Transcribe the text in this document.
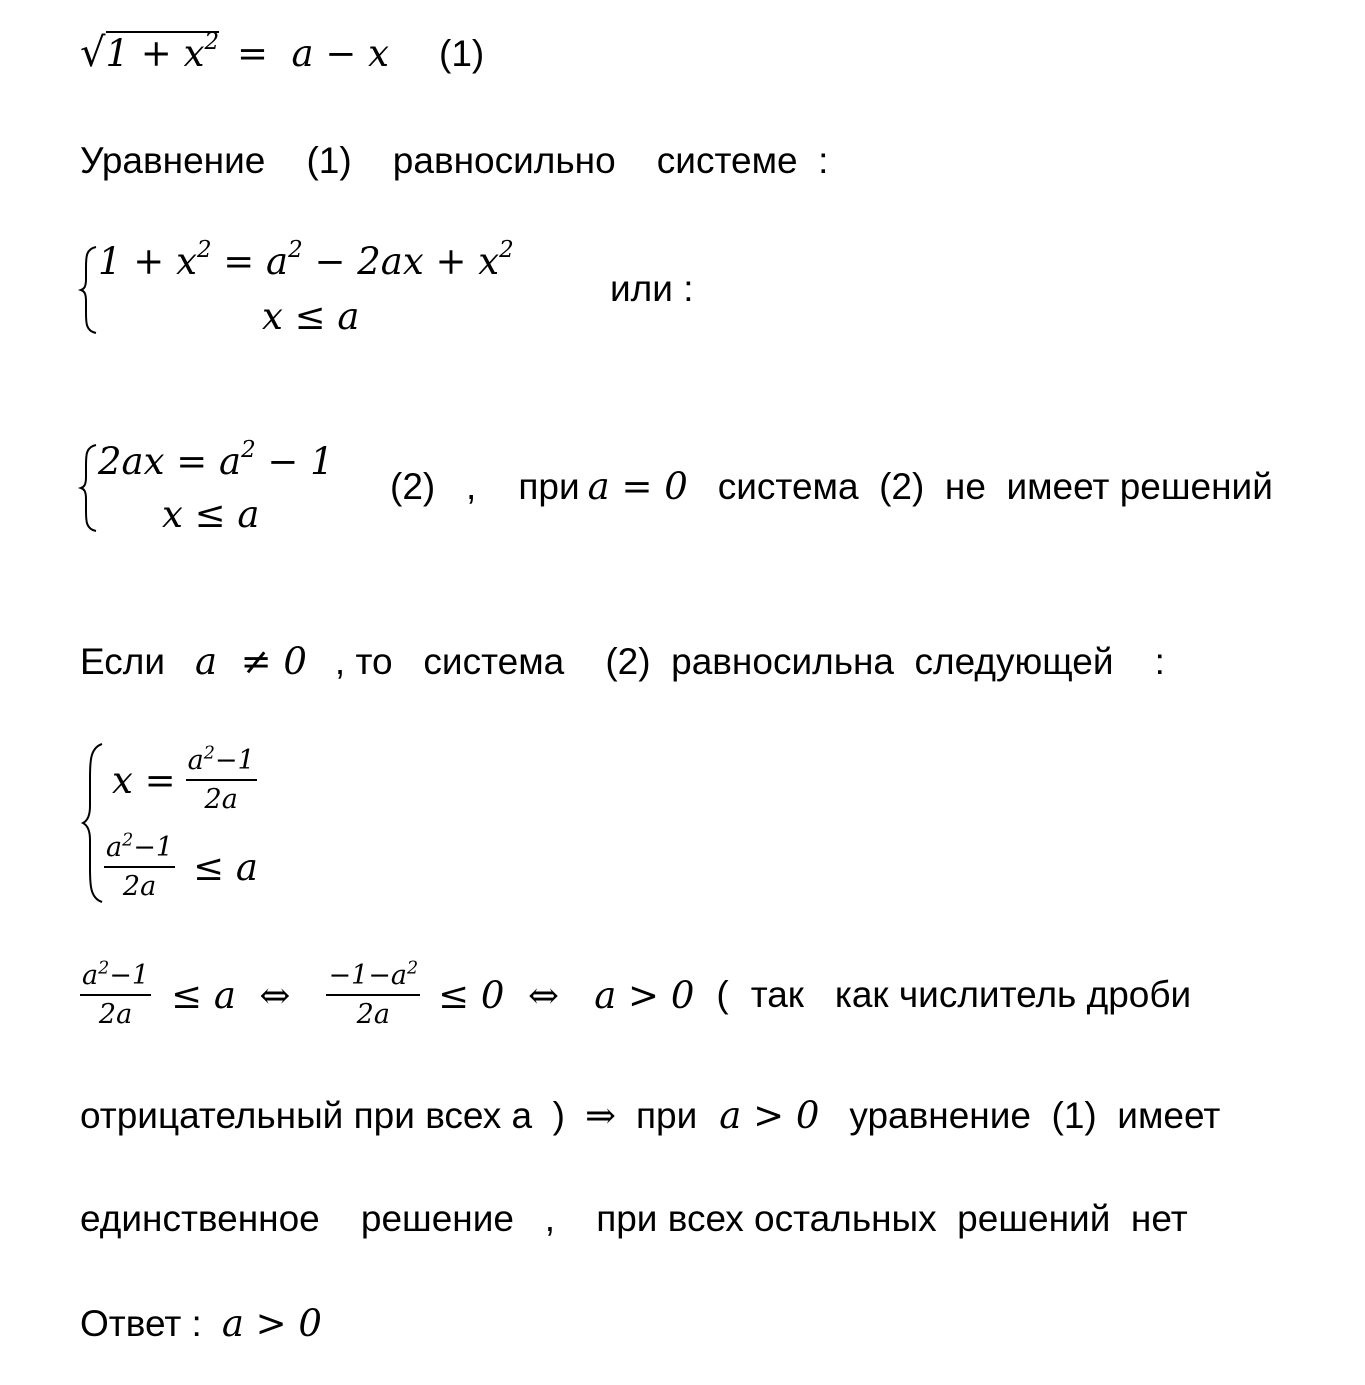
√ $1 + x^2 = a - x$ (1)
Уравнение    (1)    равносильно    системе  :
$1 + x^2 = a^2 - 2ax + x^2$
x ≤ a
или :
$2ax = a^2 - 1$
x ≤ a
(2)   , при a = 0 система  (2)  не  имеет решений
Если a  ≠ 0 , то   система    (2)  равносильна  следующей    :
$x = \frac{a^2-1}{2a}$
$\frac{a^2-1}{2a} \le a$
$\frac{a^2-1}{2a} \le a$  ⇔ $\frac{-1-a^2}{2a} \le 0$  ⇔   a > 0 ( так   как числитель дроби
отрицательный при всех а  ) ⇒ при a > 0 уравнение  (1)  имеет
единственное    решение   ,    при всех остальных  решений  нет
Ответ : a > 0
